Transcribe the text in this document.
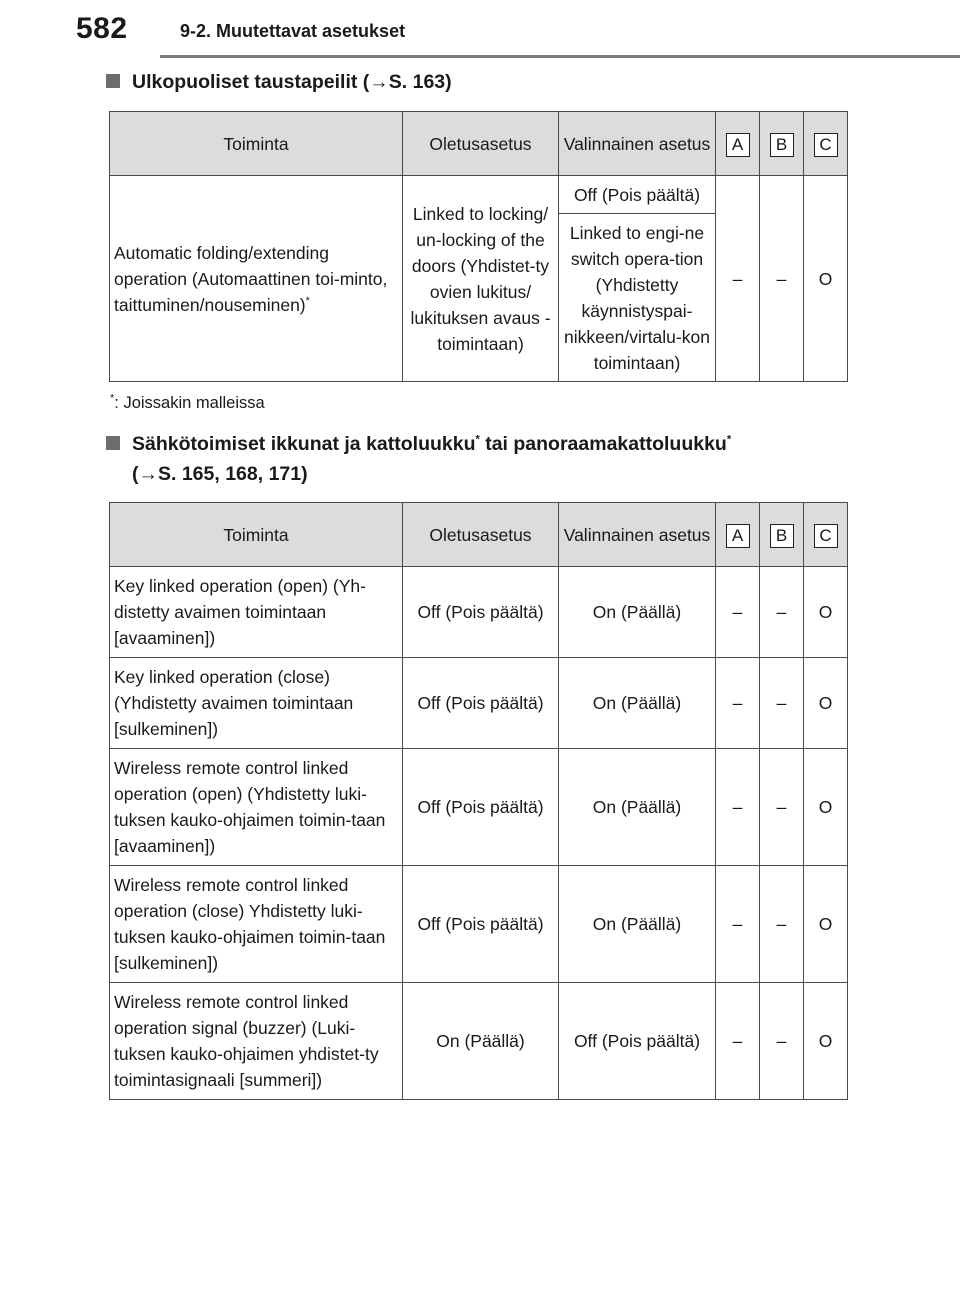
582	9-2. Muutettavat asetukset
Ulkopuoliset taustapeilit (→S. 163)
Toiminta	Oletusasetus	Valinnainen asetus	A	B	C
Automatic folding/extending operation (Automaattinen toi-minto, taittuminen/nouseminen)*	Linked to locking/ un-locking of the doors (Yhdistet-ty ovien lukitus/ lukituksen avaus -toimintaan)	Off (Pois päältä)	–	–	O
		Linked to engi-ne switch opera-tion (Yhdistetty käynnistyspai-nikkeen/virtalu-kon toimintaan)			
*: Joissakin malleissa
Sähkötoimiset ikkunat ja kattoluukku* tai panoraamakattoluukku*
(→S. 165, 168, 171)
Toiminta	Oletusasetus	Valinnainen asetus	A	B	C
Key linked operation (open) (Yh-distetty avaimen toimintaan [avaaminen])	Off (Pois päältä)	On (Päällä)	–	–	O
Key linked operation (close) (Yhdistetty avaimen toimintaan [sulkeminen])	Off (Pois päältä)	On (Päällä)	–	–	O
Wireless remote control linked operation (open) (Yhdistetty luki-tuksen kauko-ohjaimen toimin-taan [avaaminen])	Off (Pois päältä)	On (Päällä)	–	–	O
Wireless remote control linked operation (close) Yhdistetty luki-tuksen kauko-ohjaimen toimin-taan [sulkeminen])	Off (Pois päältä)	On (Päällä)	–	–	O
Wireless remote control linked operation signal (buzzer) (Luki-tuksen kauko-ohjaimen yhdistet-ty toimintasignaali [summeri])	On (Päällä)	Off (Pois päältä)	–	–	O
